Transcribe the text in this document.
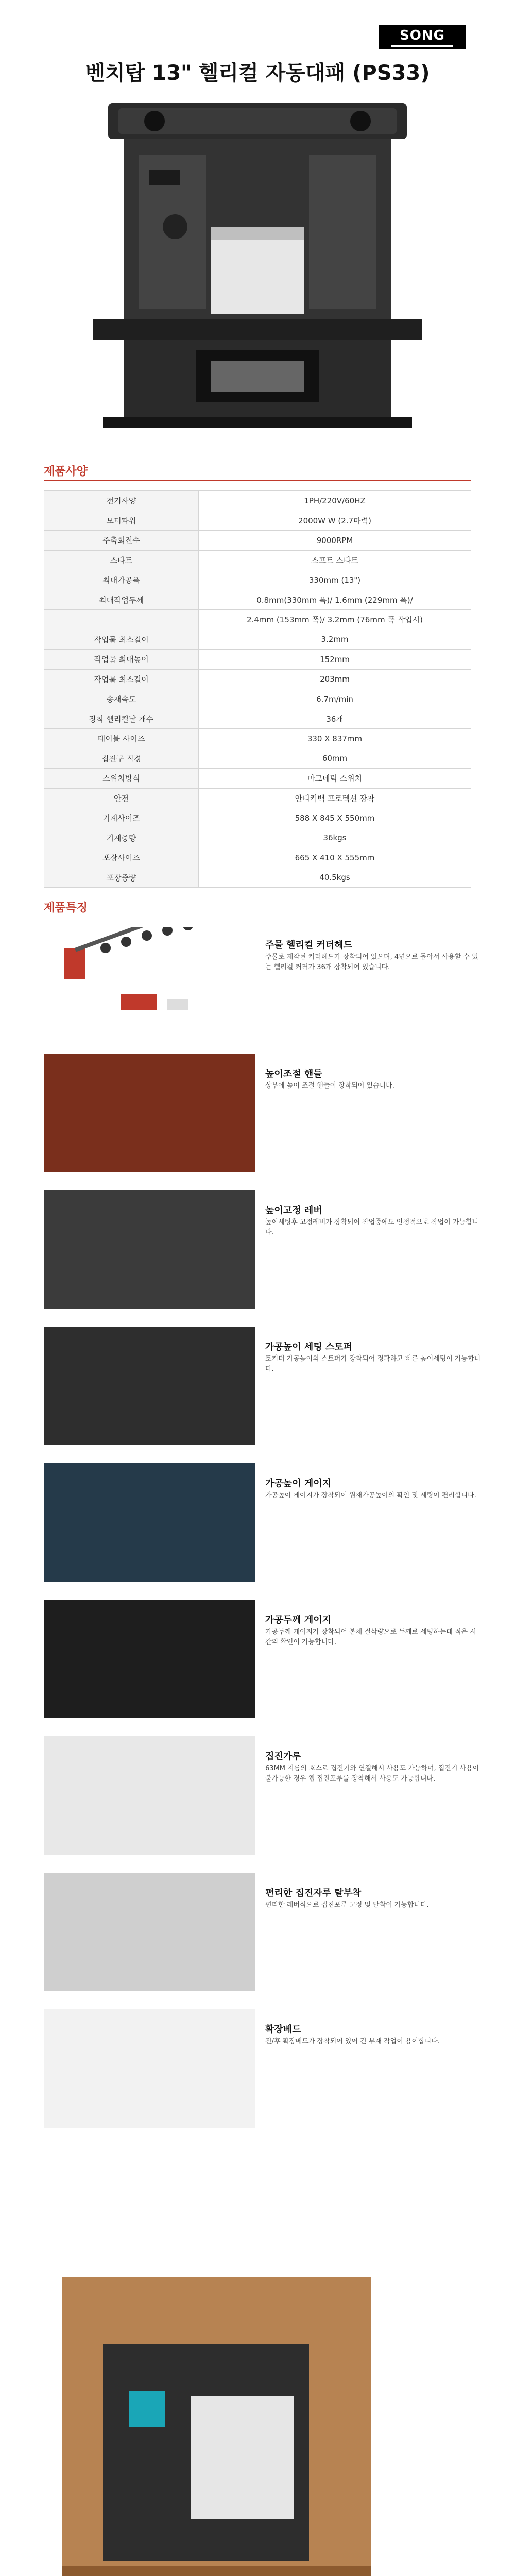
SONG
벤치탑 13" 헬리컬 자동대패 (PS33)
제품사양
전기사양	1PH/220V/60HZ
모터파워	2000W W (2.7마력)
주축회전수	9000RPM
스타트	소프트 스타트
최대가공폭	330mm (13")
최대작업두께	0.8mm(330mm 폭)/ 1.6mm (229mm 폭)/
	2.4mm (153mm 폭)/ 3.2mm (76mm 폭 작업시)
작업물 최소길이	3.2mm
작업물 최대높이	152mm
작업물 최소길이	203mm
송재속도	6.7m/min
장착 헬리컬날 개수	36개
테이블 사이즈	330 X 837mm
집진구 직경	60mm
스위치방식	마그네틱 스위치
안전	안티킥백 프로텍션 장착
기계사이즈	588 X 845 X 550mm
기계중량	36kgs
포장사이즈	665 X 410 X 555mm
포장중량	40.5kgs
제품특징
주물 헬리컬 커터헤드
주물로 제작된 커터헤드가 장착되어 있으며, 4면으로 돌아서 사용할 수 있는 헬리컬 커터가 36개 장착되어 있습니다.
높이조절 핸들
상부에 높이 조절 핸들이 장착되어 있습니다.
높이고정 레버
높이세팅후 고정레버가 장착되어 작업중에도 안정적으로 작업이 가능합니다.
가공높이 세팅 스토퍼
토커터 가공높이의 스토퍼가 장착되어 정확하고 빠른 높이세팅이 가능합니다.
가공높이 게이지
가공높이 게이지가 장착되어 원재가공높이의 확인 및 세팅이 편리합니다.
가공두께 게이지
가공두께 게이지가 장착되어 본체 절삭량으로 두께로 세팅하는데 적은 시간의 확인이 가능합니다.
집진가루
63MM 지름의 호스로 집진기와 연결해서 사용도 가능하며, 집진기 사용이 불가능한 경우 웹 집진포루를 장착해서 사용도 가능합니다.
편리한 집진자루 탈부착
편리한 레버식으로 집진포루 고정 및 탈착이 가능합니다.
확장베드
전/후 확장베드가 장착되어 있어 긴 부재 작업이 용이합니다.
